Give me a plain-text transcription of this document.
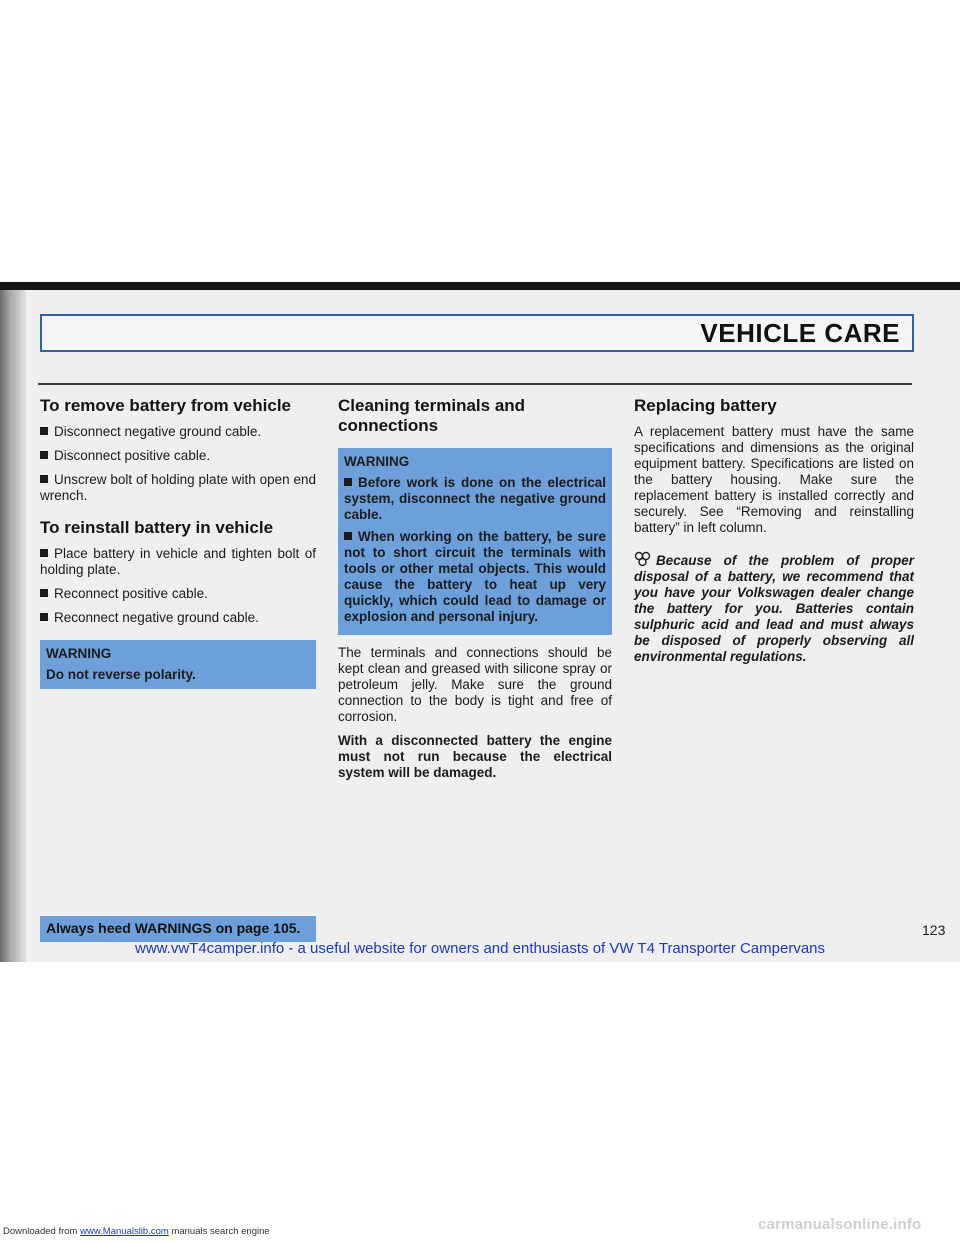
VEHICLE CARE
To remove battery from vehicle

Disconnect negative ground cable.

Disconnect positive cable.

Unscrew bolt of holding plate with open end wrench.

To reinstall battery in vehicle

Place battery in vehicle and tighten bolt of holding plate.

Reconnect positive cable.

Reconnect negative ground cable.

WARNING

Do not reverse polarity.

Cleaning terminals and connections
WARNING

Before work is done on the electrical system, disconnect the negative ground cable.

When working on the battery, be sure not to short circuit the terminals with tools or other metal objects. This would cause the battery to heat up very quickly, which could lead to damage or explosion and personal injury.

The terminals and connections should be kept clean and greased with silicone spray or petroleum jelly. Make sure the ground connection to the body is tight and free of corrosion.

With a disconnected battery the engine must not run because the electrical system will be damaged.

Replacing battery

A replacement battery must have the same specifications and dimensions as the original equipment battery. Specifications are listed on the battery housing. Make sure the replacement battery is installed correctly and securely. See “Removing and reinstalling battery” in left column.

Because of the problem of proper disposal of a battery, we recommend that you have your Volkswagen dealer change the battery for you. Batteries contain sulphuric acid and lead and must always be disposed of properly observing all environmental regulations.

Always heed WARNINGS on page 105.	123
www.vwT4camper.info - a useful website for owners and enthusiasts of VW T4 Transporter Campervans
Downloaded from www.Manualslib.com manuals search engine	carmanualsonline.info
